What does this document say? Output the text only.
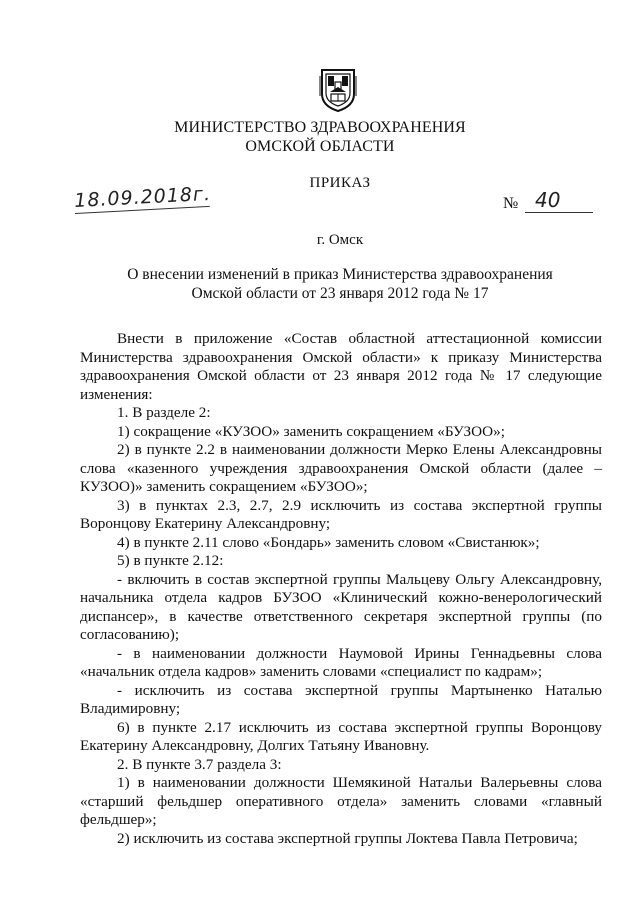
МИНИСТЕРСТВО ЗДРАВООХРАНЕНИЯ
ОМСКОЙ ОБЛАСТИ
ПРИКАЗ
18.09.2018г.	№ 40
г. Омск
О внесении изменений в приказ Министерства здравоохранения
Омской области от 23 января 2012 года № 17

Внести в приложение «Состав областной аттестационной комиссии Министерства здравоохранения Омской области» к приказу Министерства здравоохранения Омской области от 23 января 2012 года № 17 следующие изменения:

1. В разделе 2:

1) сокращение «КУЗОО» заменить сокращением «БУЗОО»;

2) в пункте 2.2 в наименовании должности Мерко Елены Александровны слова «казенного учреждения здравоохранения Омской области (далее – КУЗОО)» заменить сокращением «БУЗОО»;

3) в пунктах 2.3, 2.7, 2.9 исключить из состава экспертной группы Воронцову Екатерину Александровну;

4) в пункте 2.11 слово «Бондарь» заменить словом «Свистанюк»;

5) в пункте 2.12:

- включить в состав экспертной группы Мальцеву Ольгу Александровну, начальника отдела кадров БУЗОО «Клинический кожно-венерологический диспансер», в качестве ответственного секретаря экспертной группы (по согласованию);

- в наименовании должности Наумовой Ирины Геннадьевны слова «начальник отдела кадров» заменить словами «специалист по кадрам»;

- исключить из состава экспертной группы Мартыненко Наталью Владимировну;

6) в пункте 2.17 исключить из состава экспертной группы Воронцову Екатерину Александровну, Долгих Татьяну Ивановну.

2. В пункте 3.7 раздела 3:

1) в наименовании должности Шемякиной Натальи Валерьевны слова «старший фельдшер оперативного отдела» заменить словами «главный фельдшер»;

2) исключить из состава экспертной группы Локтева Павла Петровича;
